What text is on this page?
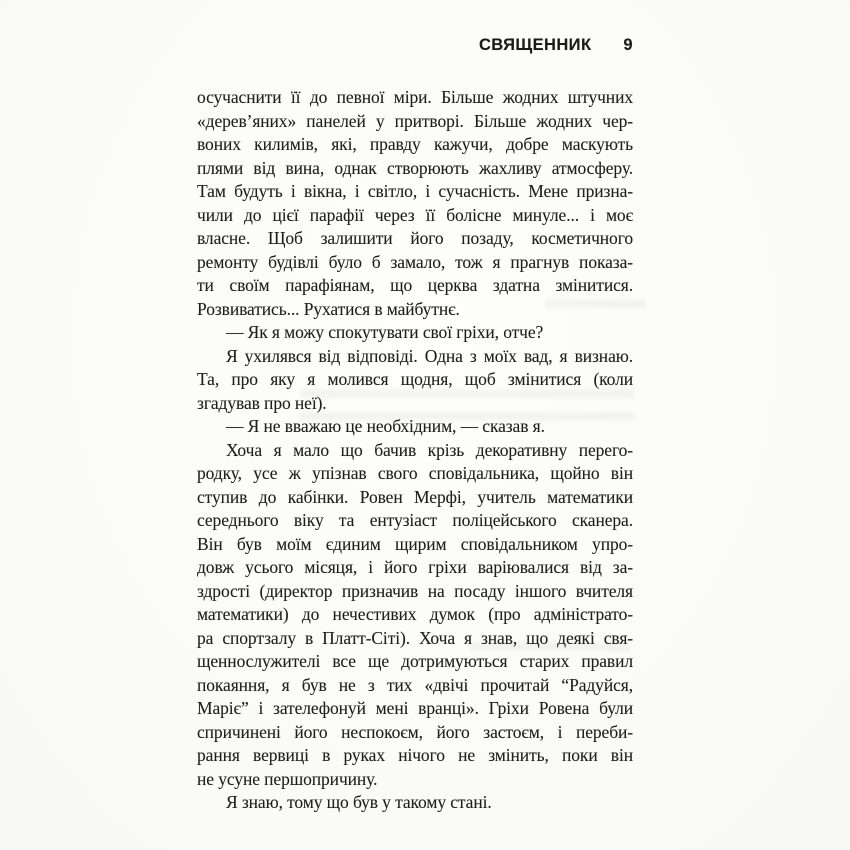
СВЯЩЕННИК 9
осучаснити її до певної міри. Більше жодних штучних
«дерев’яних» панелей у притворі. Більше жодних чер-
воних килимів, які, правду кажучи, добре маскують
плями від вина, однак створюють жахливу атмосферу.
Там будуть і вікна, і світло, і сучасність. Мене призна-
чили до цієї парафії через її болісне минуле... і моє
власне. Щоб залишити його позаду, косметичного
ремонту будівлі було б замало, тож я прагнув показа-
ти своїм парафіянам, що церква здатна змінитися.
Розвиватись... Рухатися в майбутнє.
— Як я можу спокутувати свої гріхи, отче?
Я ухилявся від відповіді. Одна з моїх вад, я визнаю.
Та, про яку я молився щодня, щоб змінитися (коли
згадував про неї).
— Я не вважаю це необхідним, — сказав я.
Хоча я мало що бачив крізь декоративну перего-
родку, усе ж упізнав свого сповідальника, щойно він
ступив до кабінки. Ровен Мерфі, учитель математики
середнього віку та ентузіаст поліцейського сканера.
Він був моїм єдиним щирим сповідальником упро-
довж усього місяця, і його гріхи варіювалися від за-
здрості (директор призначив на посаду іншого вчителя
математики) до нечестивих думок (про адміністрато-
ра спортзалу в Платт-Сіті). Хоча я знав, що деякі свя-
щеннослужителі все ще дотримуються старих правил
покаяння, я був не з тих «двічі прочитай “Радуйся,
Маріє” і зателефонуй мені вранці». Гріхи Ровена були
спричинені його неспокоєм, його застоєм, і переби-
рання вервиці в руках нічого не змінить, поки він
не усуне першопричину.
Я знаю, тому що був у такому стані.
